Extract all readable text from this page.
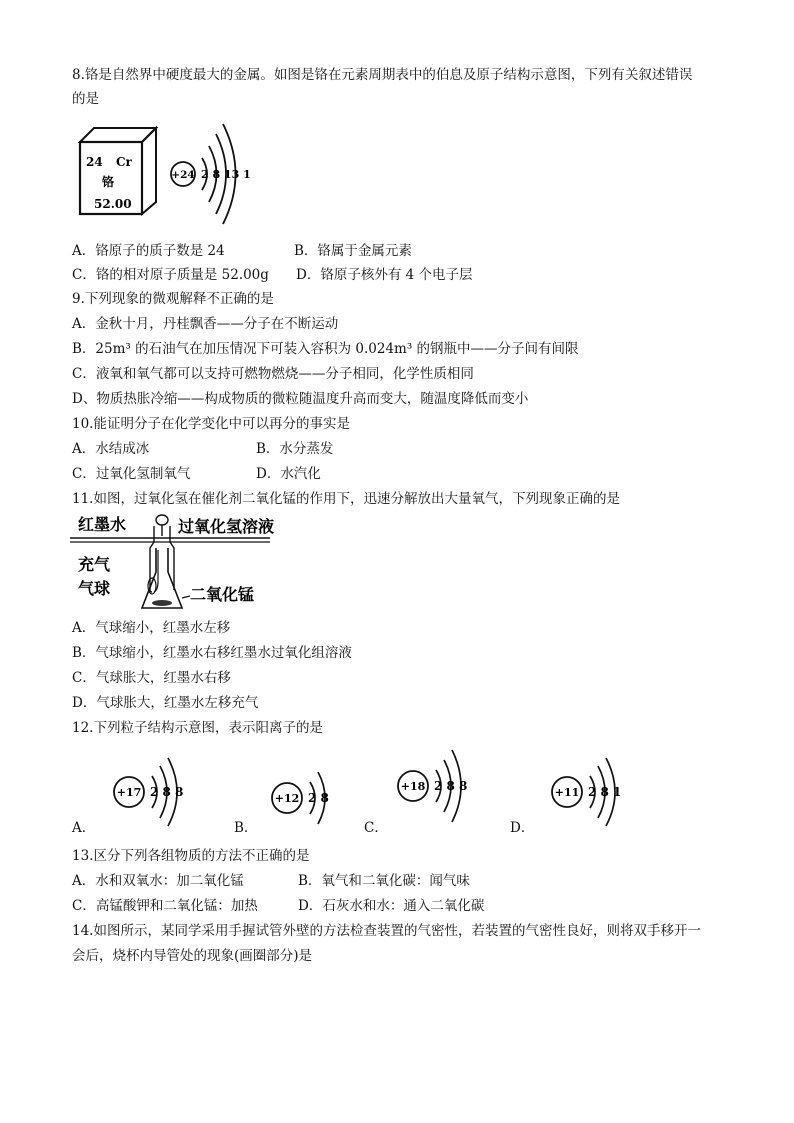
8.铬是自然界中硬度最大的金属。如图是铬在元素周期表中的伯息及原子结构示意图，下列有关叙述错误
的是
24 Cr
铬
52.00
+24 2 8 13 1
A．铬原子的质子数是 24	B．铬属于金属元素
C．铬的相对原子质量是 52.00g D．铬原子核外有 4 个电子层
9.下列现象的微观解释不正确的是
A．金秋十月，丹桂飘香——分子在不断运动
B．25m³ 的石油气在加压情况下可装入容积为 0.024m³ 的钢瓶中——分子间有间限
C．液氧和氧气都可以支持可燃物燃烧——分子相同，化学性质相同
D、物质热胀冷缩——构成物质的微粒随温度升高而变大，随温度降低而变小
10.能证明分子在化学变化中可以再分的事实是
A．水结成冰	B．水分蒸发
C．过氧化氢制氧气	D．水汽化
11.如图，过氧化氢在催化剂二氧化锰的作用下，迅速分解放出大量氧气，下列现象正确的是
红墨水	过氧化氢溶液
充气
气球	二氧化锰
A．气球缩小，红墨水左移
B．气球缩小，红墨水右移红墨水过氧化组溶液
C．气球胀大，红墨水右移
D．气球胀大，红墨水左移充气
12.下列粒子结构示意图，表示阳离子的是
+17 2 8 8
A．
+12 2 8
B．
+18 2 8 8
C．
+11 2 8 1
D．
13.区分下列各组物质的方法不正确的是
A．水和双氧水：加二氧化锰	B．氧气和二氧化碳：闻气味
C．高锰酸钾和二氧化锰：加热	D．石灰水和水：通入二氧化碳
14.如图所示，某同学采用手握试管外壁的方法检查装置的气密性，若装置的气密性良好，则将双手移开一
会后，烧杯内导管处的现象(画圈部分)是
